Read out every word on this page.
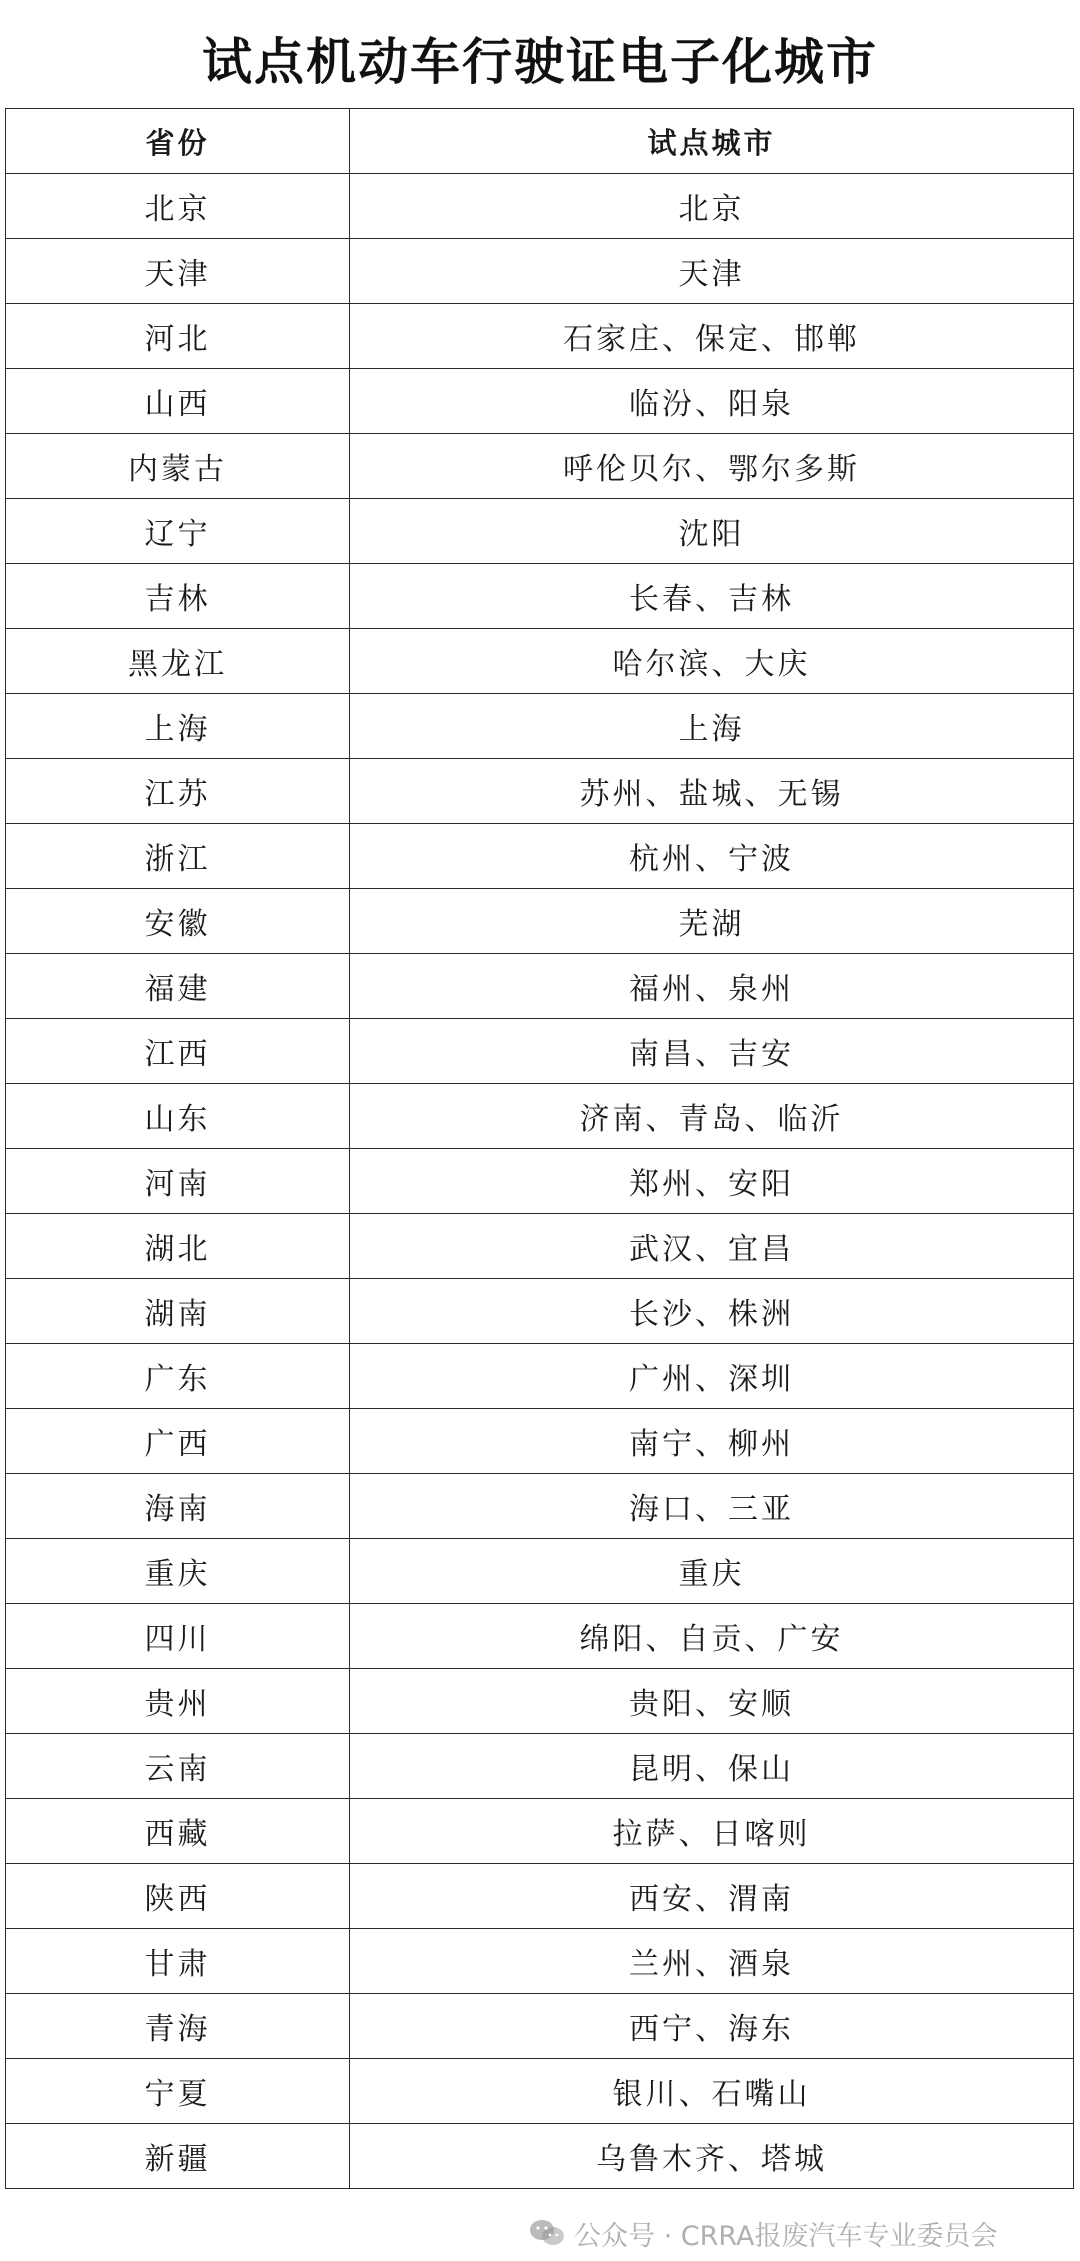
试点机动车行驶证电子化城市
省份	试点城市
北京	北京
天津	天津
河北	石家庄、保定、邯郸
山西	临汾、阳泉
内蒙古	呼伦贝尔、鄂尔多斯
辽宁	沈阳
吉林	长春、吉林
黑龙江	哈尔滨、大庆
上海	上海
江苏	苏州、盐城、无锡
浙江	杭州、宁波
安徽	芜湖
福建	福州、泉州
江西	南昌、吉安
山东	济南、青岛、临沂
河南	郑州、安阳
湖北	武汉、宜昌
湖南	长沙、株洲
广东	广州、深圳
广西	南宁、柳州
海南	海口、三亚
重庆	重庆
四川	绵阳、自贡、广安
贵州	贵阳、安顺
云南	昆明、保山
西藏	拉萨、日喀则
陕西	西安、渭南
甘肃	兰州、酒泉
青海	西宁、海东
宁夏	银川、石嘴山
新疆	乌鲁木齐、塔城
公众号 · CRRA报废汽车专业委员会
